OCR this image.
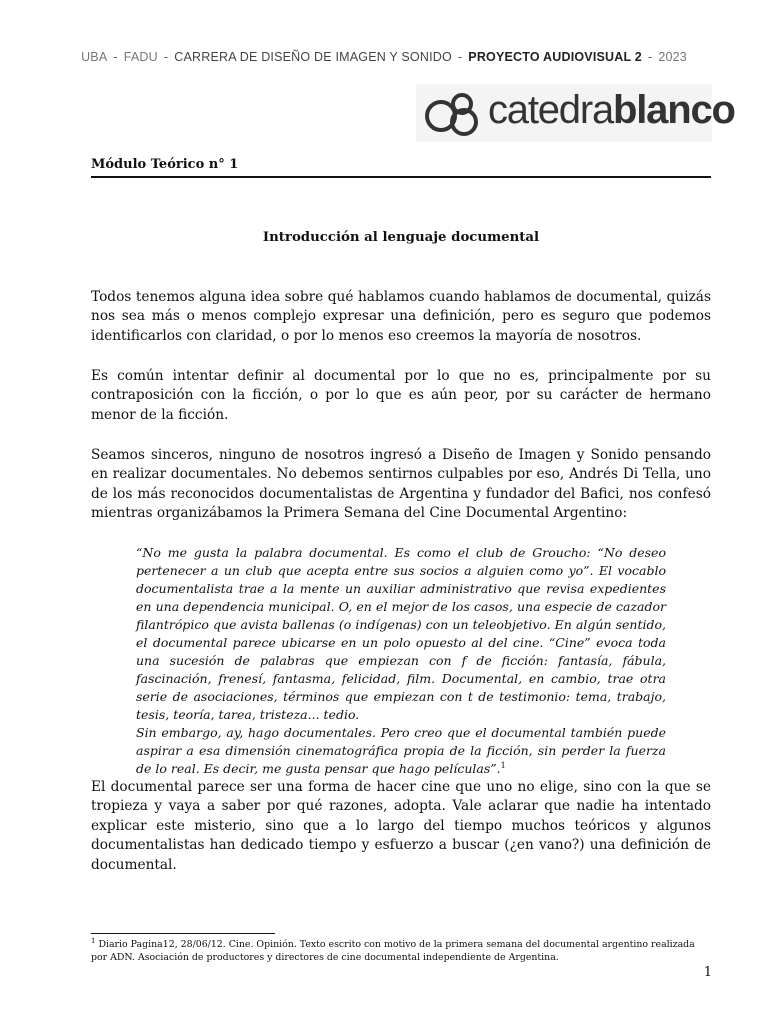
UBA - FADU - CARRERA DE DISEÑO DE IMAGEN Y SONIDO - PROYECTO AUDIOVISUAL 2 - 2023
catedrablanco
Módulo Teórico n° 1
Introducción al lenguaje documental

Todos tenemos alguna idea sobre qué hablamos cuando hablamos de documental, quizás nos sea más o menos complejo expresar una definición, pero es seguro que podemos identificarlos con claridad, o por lo menos eso creemos la mayoría de nosotros.

Es común intentar definir al documental por lo que no es, principalmente por su contraposición con la ficción, o por lo que es aún peor, por su carácter de hermano menor de la ficción.

Seamos sinceros, ninguno de nosotros ingresó a Diseño de Imagen y Sonido pensando en realizar documentales. No debemos sentirnos culpables por eso, Andrés Di Tella, uno de los más reconocidos documentalistas de Argentina y fundador del Bafici, nos confesó mientras organizábamos la Primera Semana del Cine Documental Argentino:

“No me gusta la palabra documental. Es como el club de Groucho: “No deseo pertenecer a un club que acepta entre sus socios a alguien como yo”. El vocablo documentalista trae a la mente un auxiliar administrativo que revisa expedientes en una dependencia municipal. O, en el mejor de los casos, una especie de cazador filantrópico que avista ballenas (o indígenas) con un teleobjetivo. En algún sentido, el documental parece ubicarse en un polo opuesto al del cine. “Cine” evoca toda una sucesión de palabras que empiezan con f de ficción: fantasía, fábula, fascinación, frenesí, fantasma, felicidad, film. Documental, en cambio, trae otra serie de asociaciones, términos que empiezan con t de testimonio: tema, trabajo, tesis, teoría, tarea, tristeza... tedio.
Sin embargo, ay, hago documentales. Pero creo que el documental también puede aspirar a esa dimensión cinematográfica propia de la ficción, sin perder la fuerza de lo real. Es decir, me gusta pensar que hago películas”.$^1$

El documental parece ser una forma de hacer cine que uno no elige, sino con la que se tropieza y vaya a saber por qué razones, adopta. Vale aclarar que nadie ha intentado explicar este misterio, sino que a lo largo del tiempo muchos teóricos y algunos documentalistas han dedicado tiempo y esfuerzo a buscar (¿en vano?) una definición de documental.

$^1$ Diario Pagina12, 28/06/12. Cine. Opinión. Texto escrito con motivo de la primera semana del documental argentino realizada por ADN. Asociación de productores y directores de cine documental independiente de Argentina.
1
